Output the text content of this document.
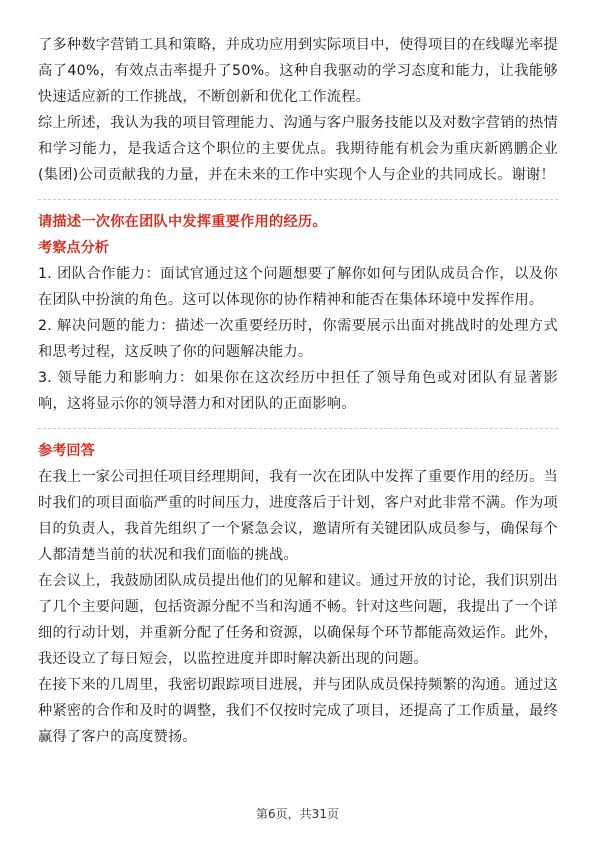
了多种数字营销工具和策略，并成功应用到实际项目中，使得项目的在线曝光率提高了40%，有效点击率提升了50%。这种自我驱动的学习态度和能力，让我能够快速适应新的工作挑战，不断创新和优化工作流程。

综上所述，我认为我的项目管理能力、沟通与客户服务技能以及对数字营销的热情和学习能力，是我适合这个职位的主要优点。我期待能有机会为重庆新鸥鹏企业(集团)公司贡献我的力量，并在未来的工作中实现个人与企业的共同成长。谢谢！

请描述一次你在团队中发挥重要作用的经历。
考察点分析

1. 团队合作能力：面试官通过这个问题想要了解你如何与团队成员合作，以及你在团队中扮演的角色。这可以体现你的协作精神和能否在集体环境中发挥作用。

2. 解决问题的能力：描述一次重要经历时，你需要展示出面对挑战时的处理方式和思考过程，这反映了你的问题解决能力。

3. 领导能力和影响力：如果你在这次经历中担任了领导角色或对团队有显著影响，这将显示你的领导潜力和对团队的正面影响。

参考回答

在我上一家公司担任项目经理期间，我有一次在团队中发挥了重要作用的经历。当时我们的项目面临严重的时间压力，进度落后于计划，客户对此非常不满。作为项目的负责人，我首先组织了一个紧急会议，邀请所有关键团队成员参与，确保每个人都清楚当前的状况和我们面临的挑战。

在会议上，我鼓励团队成员提出他们的见解和建议。通过开放的讨论，我们识别出了几个主要问题，包括资源分配不当和沟通不畅。针对这些问题，我提出了一个详细的行动计划，并重新分配了任务和资源，以确保每个环节都能高效运作。此外，我还设立了每日短会，以监控进度并即时解决新出现的问题。

在接下来的几周里，我密切跟踪项目进展，并与团队成员保持频繁的沟通。通过这种紧密的合作和及时的调整，我们不仅按时完成了项目，还提高了工作质量，最终赢得了客户的高度赞扬。

第6页，共31页
